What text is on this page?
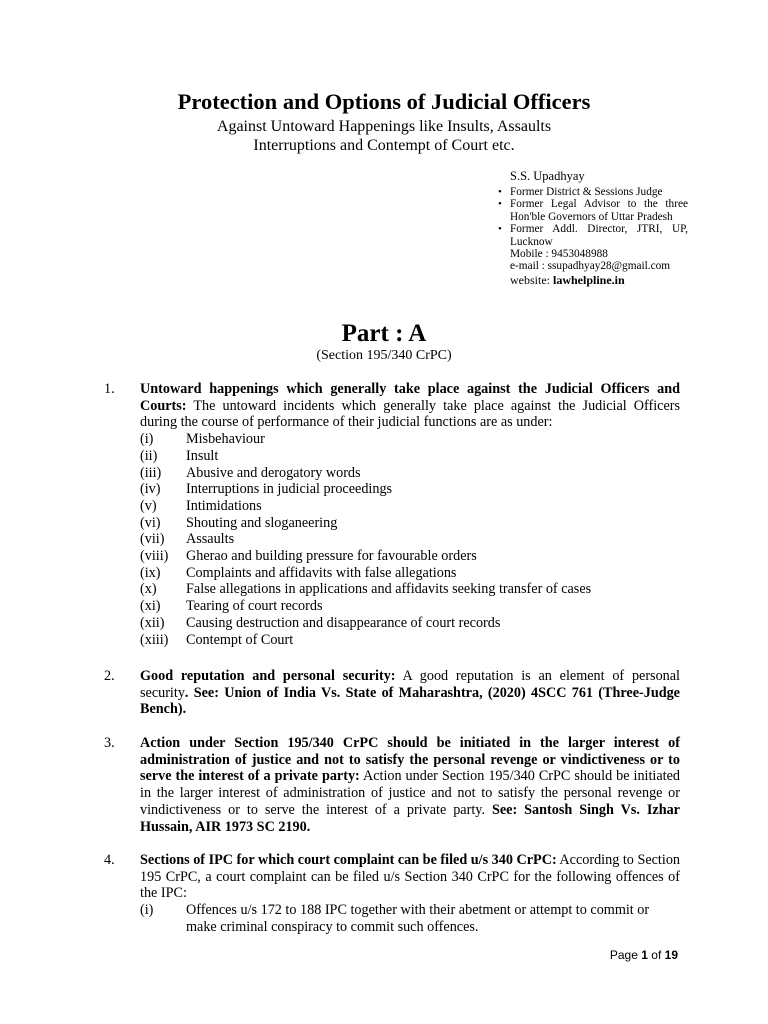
Protection and Options of Judicial Officers
Against Untoward Happenings like Insults, Assaults
Interruptions and Contempt of Court etc.
S.S. Upadhyay
• Former District & Sessions Judge
• Former Legal Advisor to the three Hon'ble Governors of Uttar Pradesh
• Former Addl. Director, JTRI, UP, Lucknow
Mobile : 9453048988
e-mail : ssupadhyay28@gmail.com
website: lawhelpline.in
Part : A
(Section 195/340 CrPC)
1. Untoward happenings which generally take place against the Judicial Officers and Courts: The untoward incidents which generally take place against the Judicial Officers during the course of performance of their judicial functions are as under:
(i)	Misbehaviour
(ii)	Insult
(iii)	Abusive and derogatory words
(iv)	Interruptions in judicial proceedings
(v)	Intimidations
(vi)	Shouting and sloganeering
(vii)	Assaults
(viii)	Gherao and building pressure for favourable orders
(ix)	Complaints and affidavits with false allegations
(x)	False allegations in applications and affidavits seeking transfer of cases
(xi)	Tearing of court records
(xii)	Causing destruction and disappearance of court records
(xiii)	Contempt of Court
2. Good reputation and personal security: A good reputation is an element of personal security. See: Union of India Vs. State of Maharashtra, (2020) 4SCC 761 (Three-Judge Bench).
3. Action under Section 195/340 CrPC should be initiated in the larger interest of administration of justice and not to satisfy the personal revenge or vindictiveness or to serve the interest of a private party: Action under Section 195/340 CrPC should be initiated in the larger interest of administration of justice and not to satisfy the personal revenge or vindictiveness or to serve the interest of a private party. See: Santosh Singh Vs. Izhar Hussain, AIR 1973 SC 2190.
4. Sections of IPC for which court complaint can be filed u/s 340 CrPC: According to Section 195 CrPC, a court complaint can be filed u/s Section 340 CrPC for the following offences of the IPC:
(i)	Offences u/s 172 to 188 IPC together with their abetment or attempt to commit or make criminal conspiracy to commit such offences.
Page 1 of 19
